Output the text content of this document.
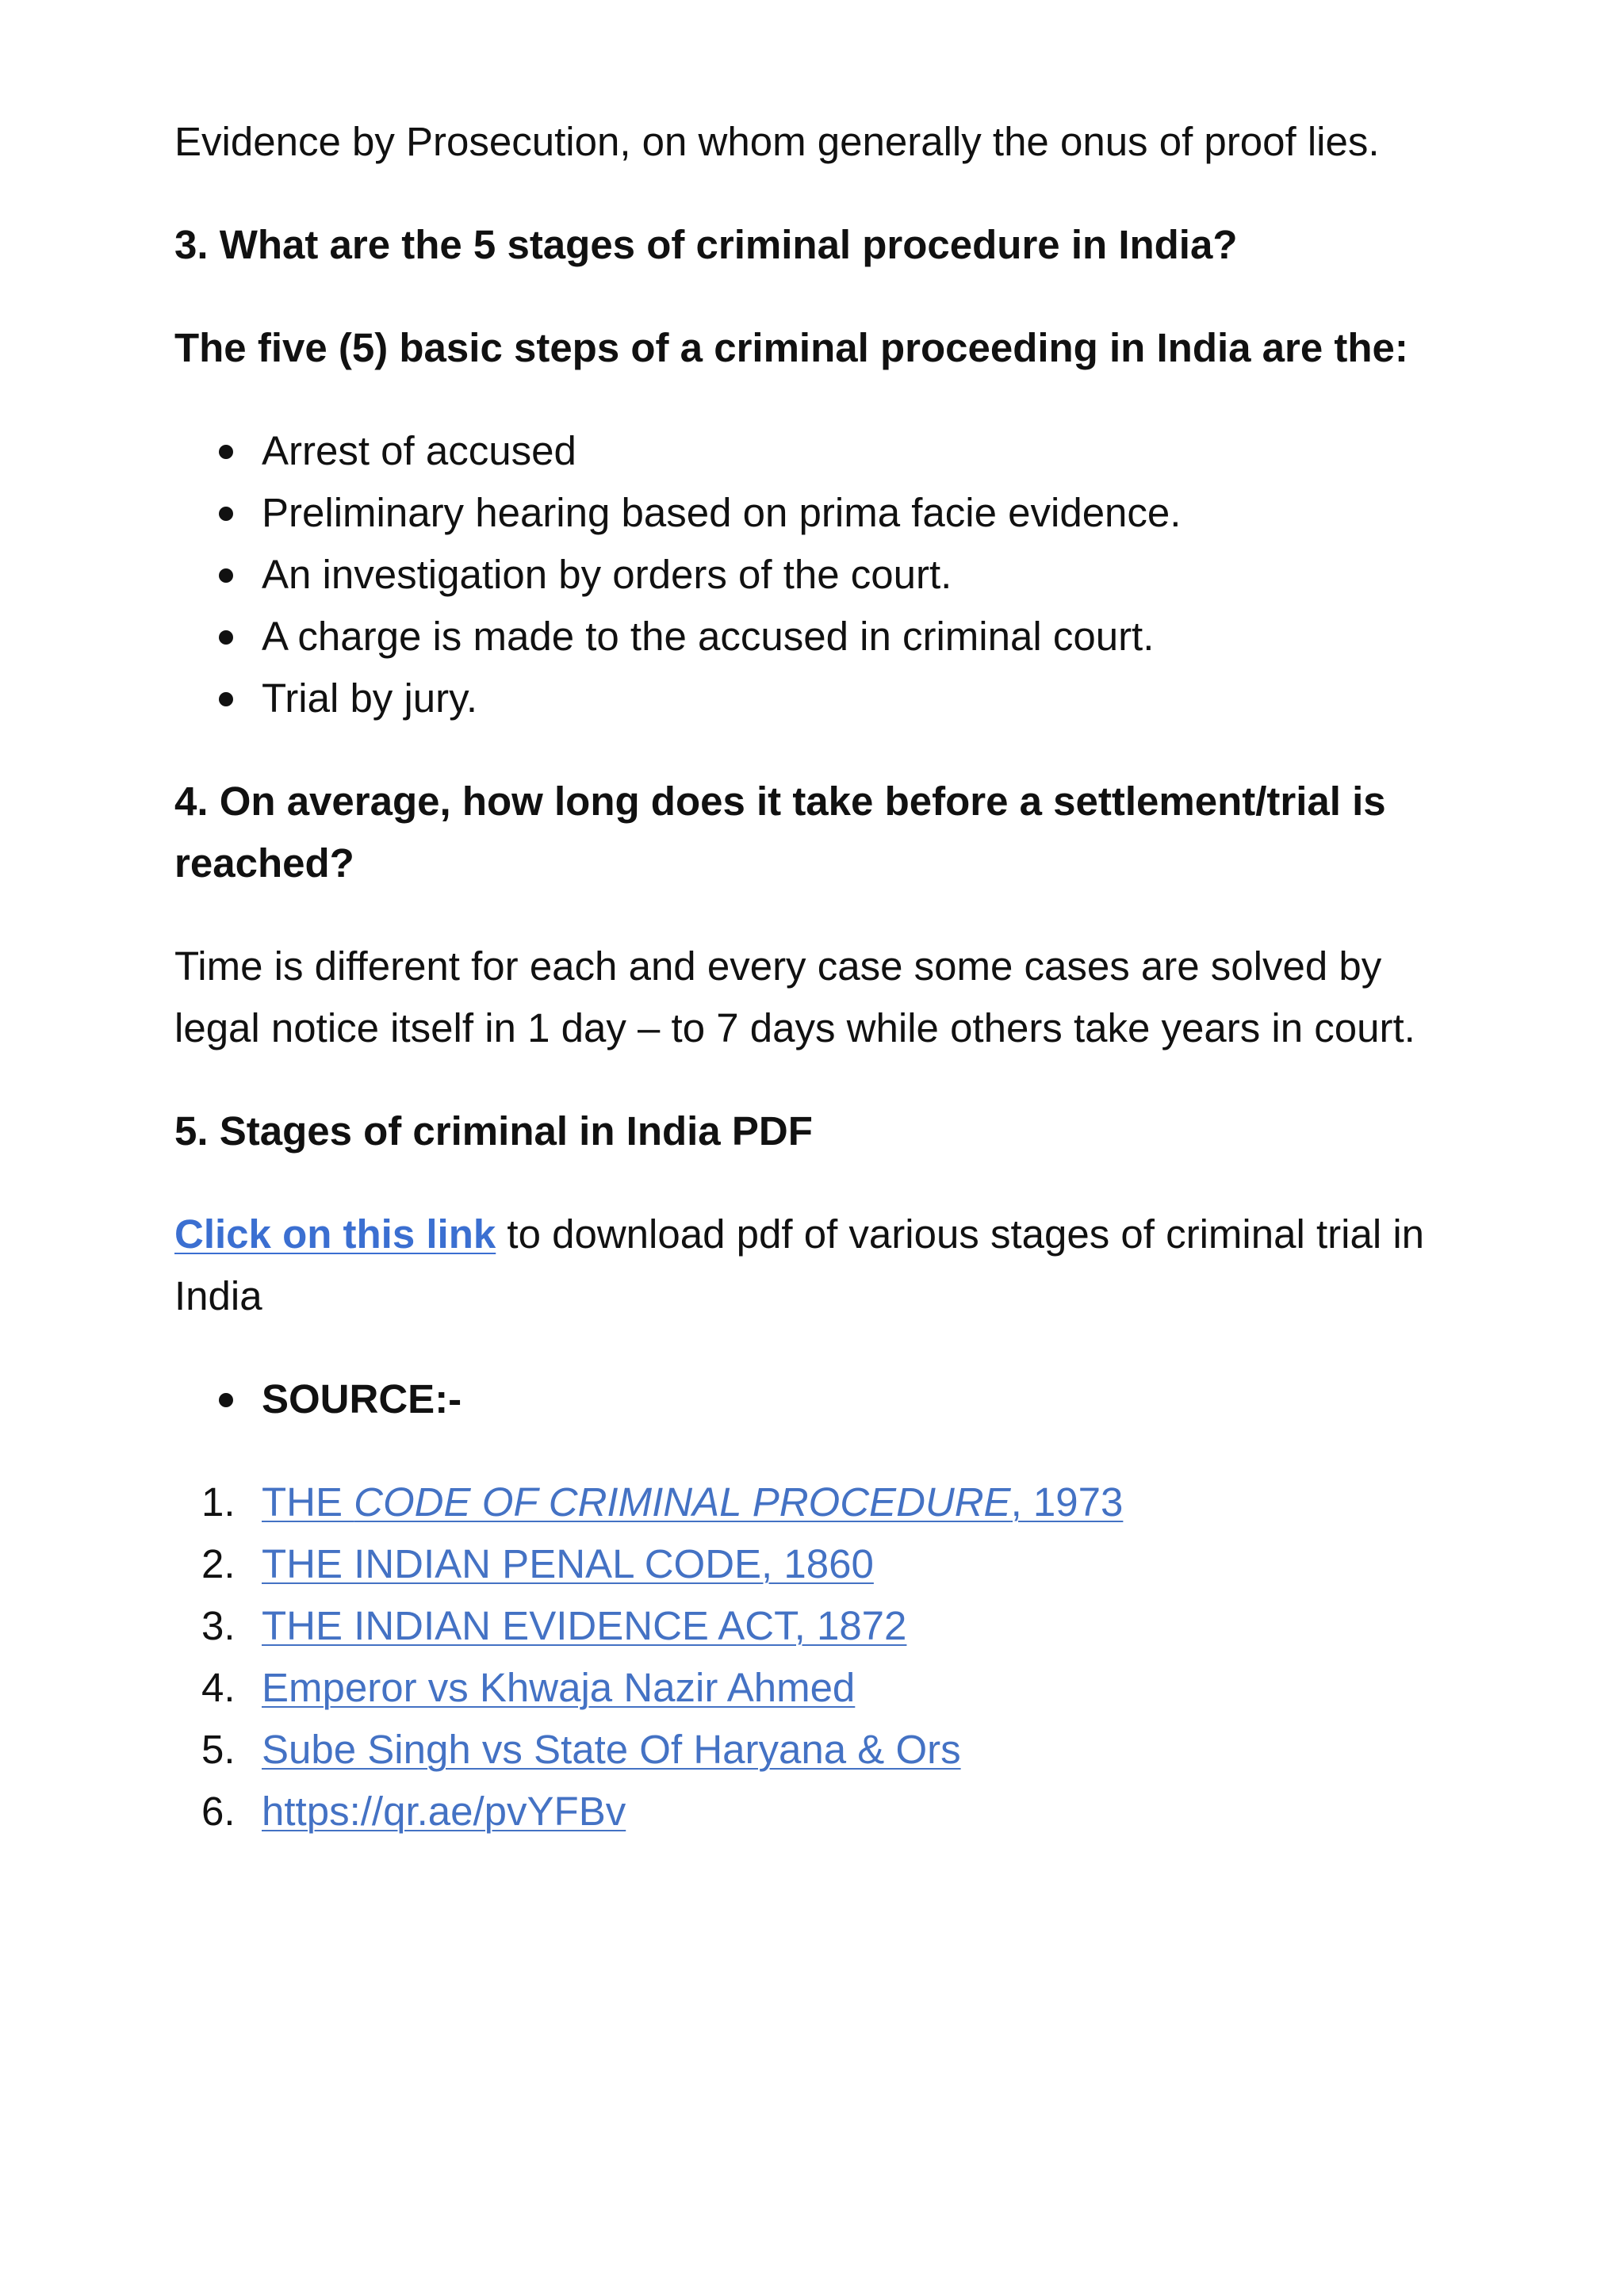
Evidence by Prosecution, on whom generally the onus of proof lies.

3. What are the 5 stages of criminal procedure in India?
The five (5) basic steps of a criminal proceeding in India are the:
Arrest of accused
Preliminary hearing based on prima facie evidence.
An investigation by orders of the court.
A charge is made to the accused in criminal court.
Trial by jury.
4. On average, how long does it take before a settlement/trial is reached?

Time is different for each and every case some cases are solved by legal notice itself in 1 day – to 7 days while others take years in court.

5. Stages of criminal in India PDF

Click on this link to download pdf of various stages of criminal trial in India

SOURCE:-
1. THE CODE OF CRIMINAL PROCEDURE, 1973
2. THE INDIAN PENAL CODE, 1860
3. THE INDIAN EVIDENCE ACT, 1872
4. Emperor vs Khwaja Nazir Ahmed
5. Sube Singh vs State Of Haryana & Ors
6. https://qr.ae/pvYFBv
